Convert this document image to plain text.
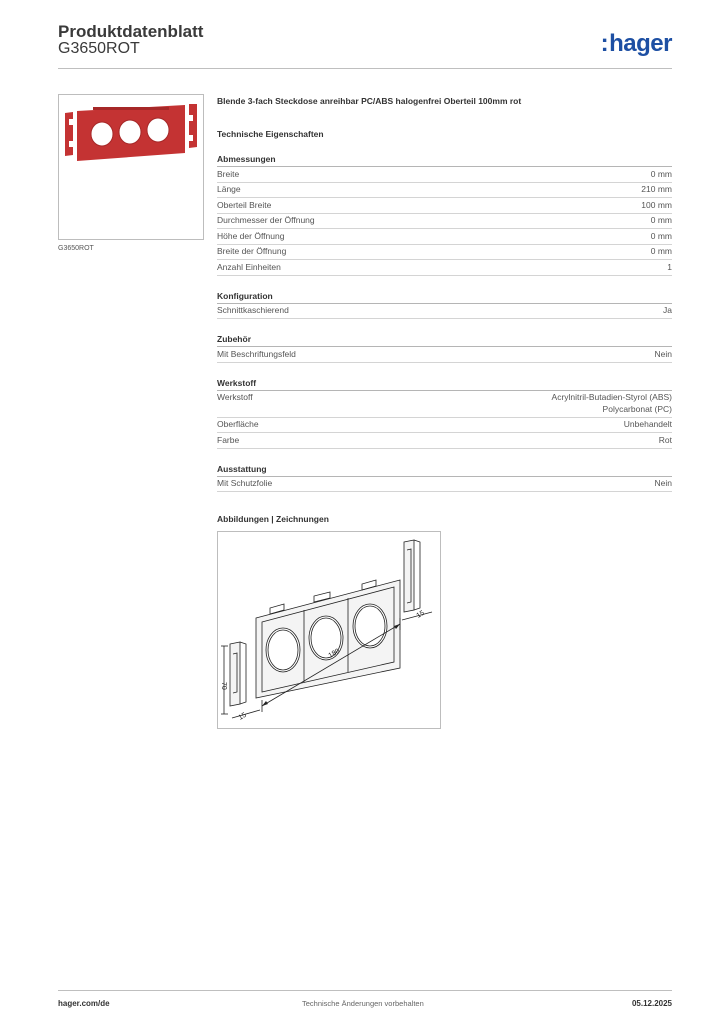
Produktdatenblatt
G3650ROT	:hager
G3650ROT
Blende 3-fach Steckdose anreihbar PC/ABS halogenfrei Oberteil 100mm rot
Technische Eigenschaften
Abmessungen
Breite	0 mm
Länge	210 mm
Oberteil Breite	100 mm
Durchmesser der Öffnung	0 mm
Höhe der Öffnung	0 mm
Breite der Öffnung	0 mm
Anzahl Einheiten	1
Konfiguration
Schnittkaschierend	Ja
Zubehör
Mit Beschriftungsfeld	Nein
Werkstoff
Werkstoff	Acrylnitril-Butadien-Styrol (ABS)
Polycarbonat (PC)
Oberfläche	Unbehandelt
Farbe	Rot
Ausstattung
Mit Schutzfolie	Nein
Abbildungen | Zeichnungen
180
15
15
70
hager.com/de	Technische Änderungen vorbehalten	05.12.2025
